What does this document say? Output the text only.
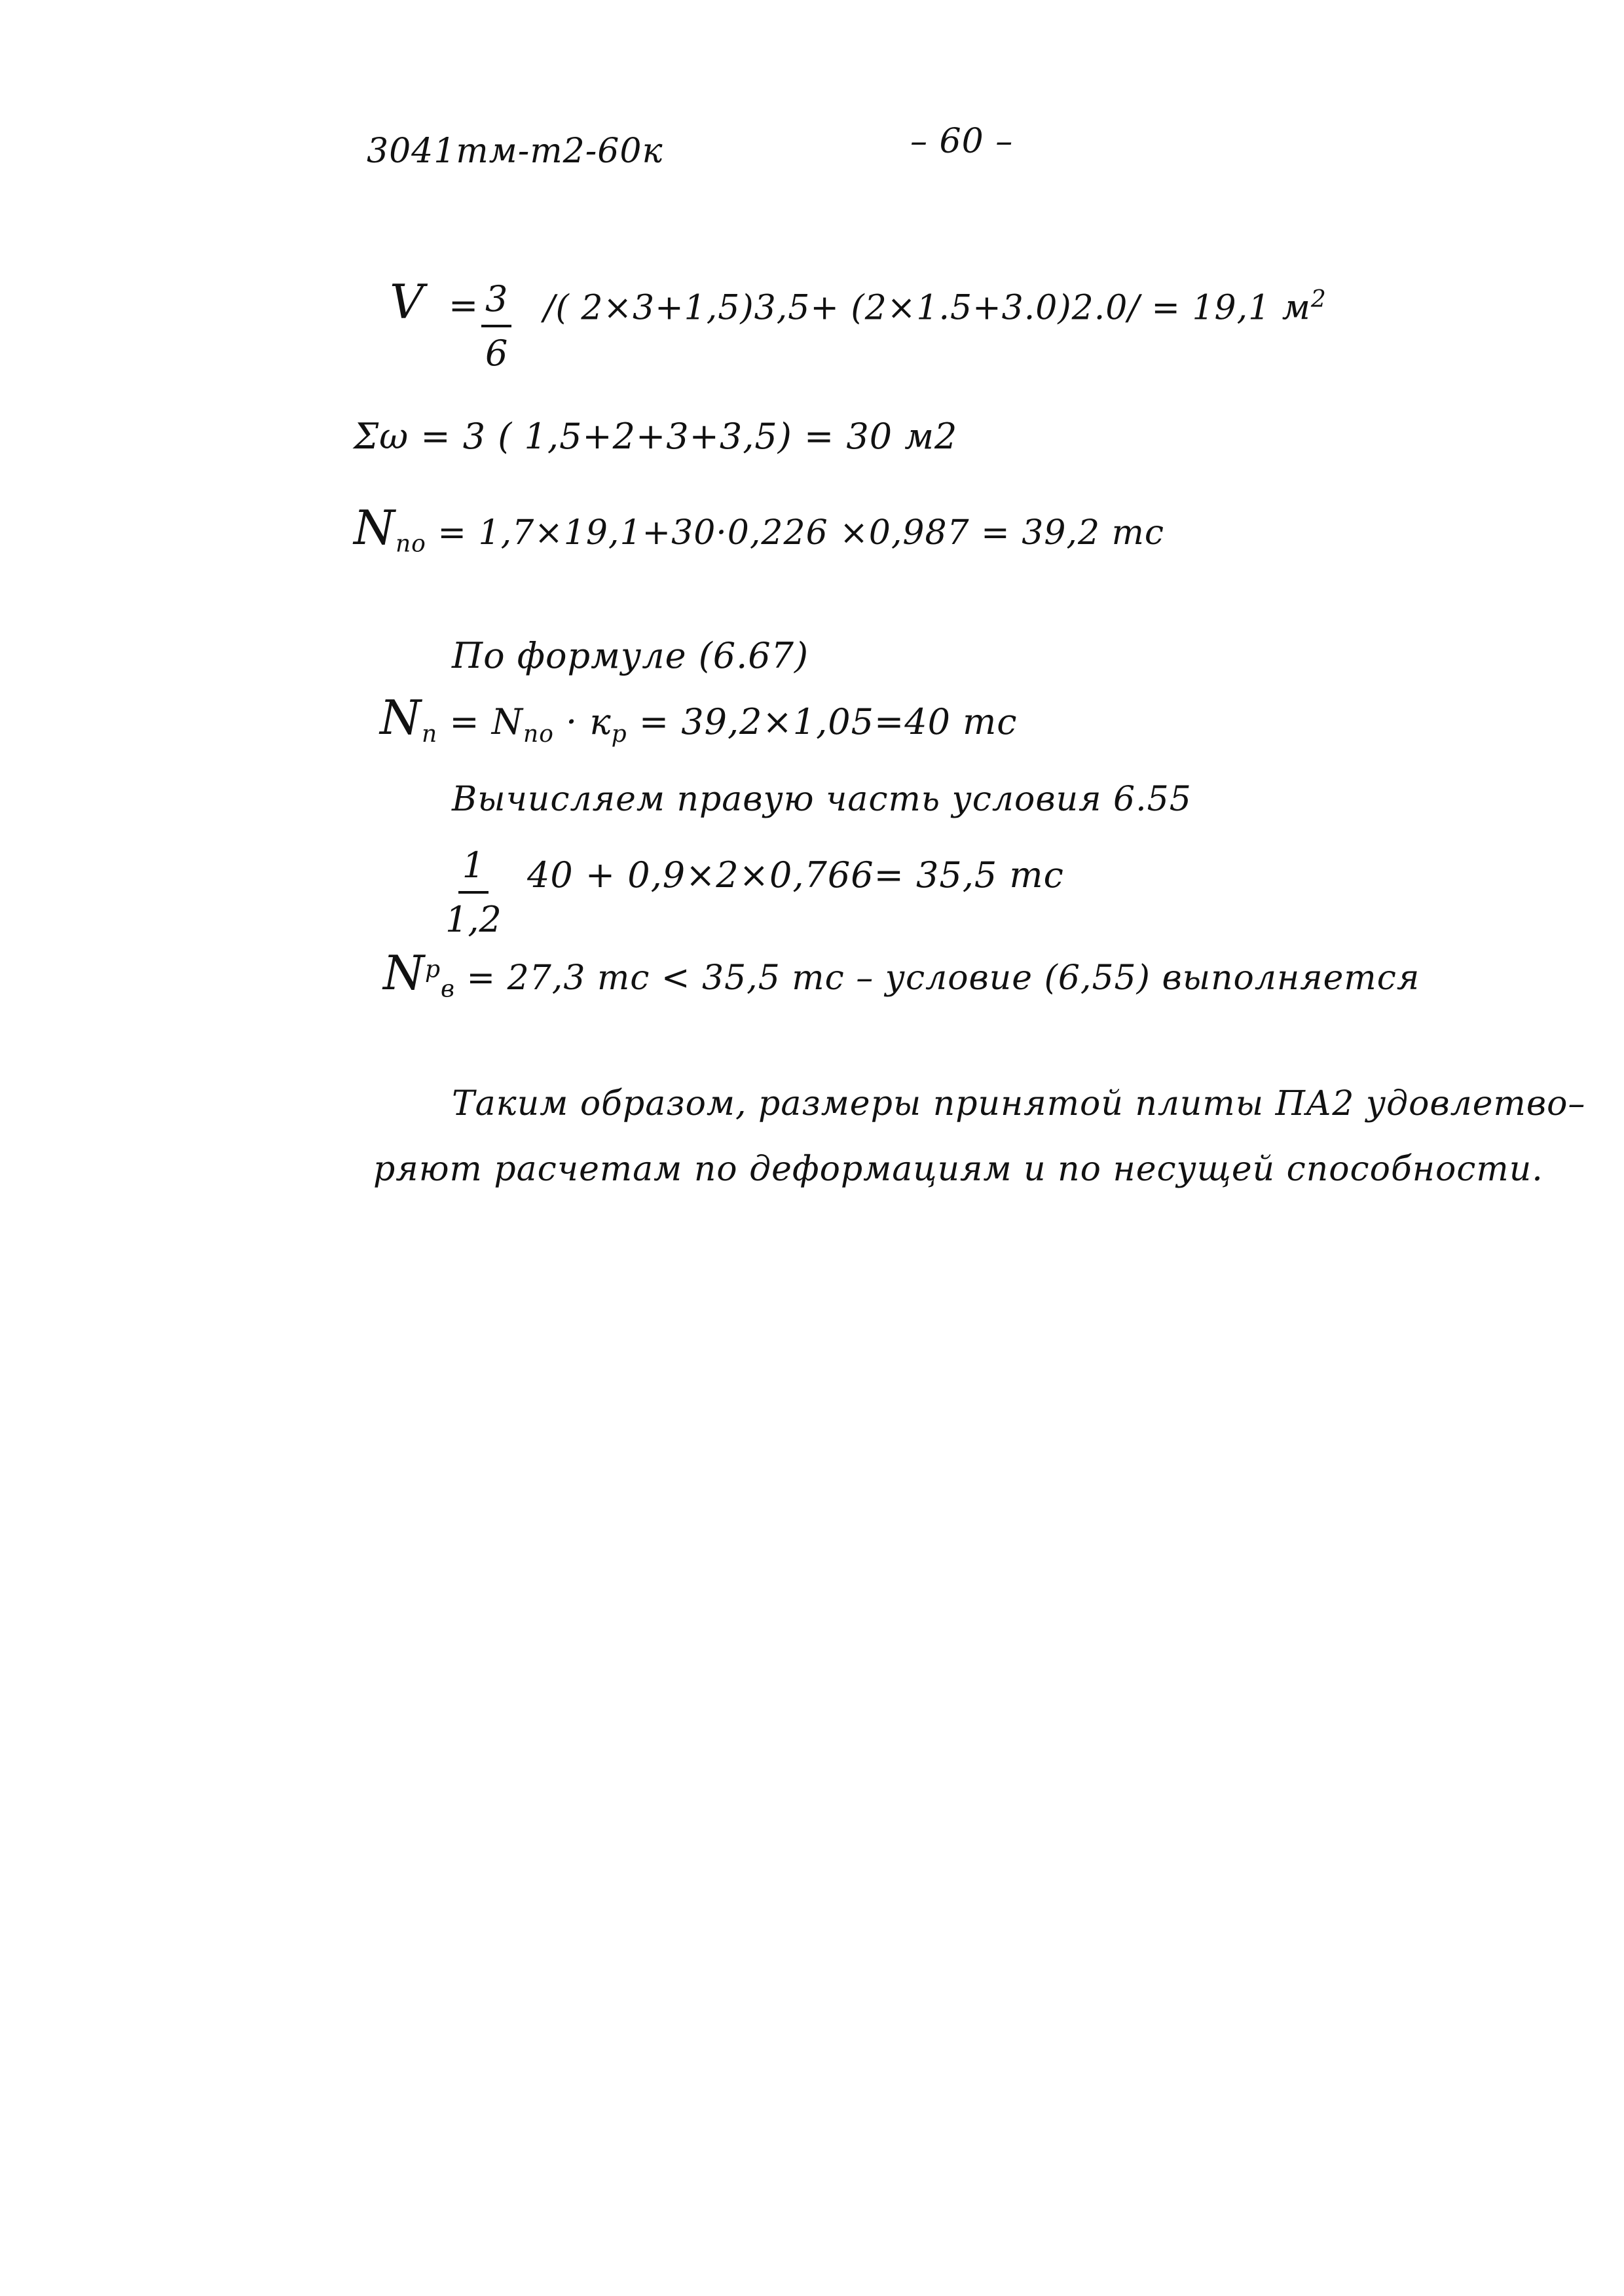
3041тм-т2-60к	– 60 –
$V = \frac{3}{6}$ /( 2×3+1,5)3,5+ (2×1.5+3.0)2.0/ = 19,1 $м^2$
Σω = 3 ( 1,5+2+3+3,5) = 30 м2
$N_{по} = 1,7\times 19,1+30\cdot 0,226 \times 0,987 = 39,2$ тс
По формуле (6.67)
$N_п = N_{по} \cdot к_р = 39,2\times 1,05=40$ тс
Вычисляем правую часть условия 6.55
$\frac{1}{1,2} 40 + 0,9\times 2\times 0,766= 35,5$ тс
$N^р_в = 27,3$ тс < 35,5 тс – условие (6,55) выполняется
Таким образом, размеры принятой плиты ПА2 удовлетво–
ряют расчетам по деформациям и по несущей способности.
